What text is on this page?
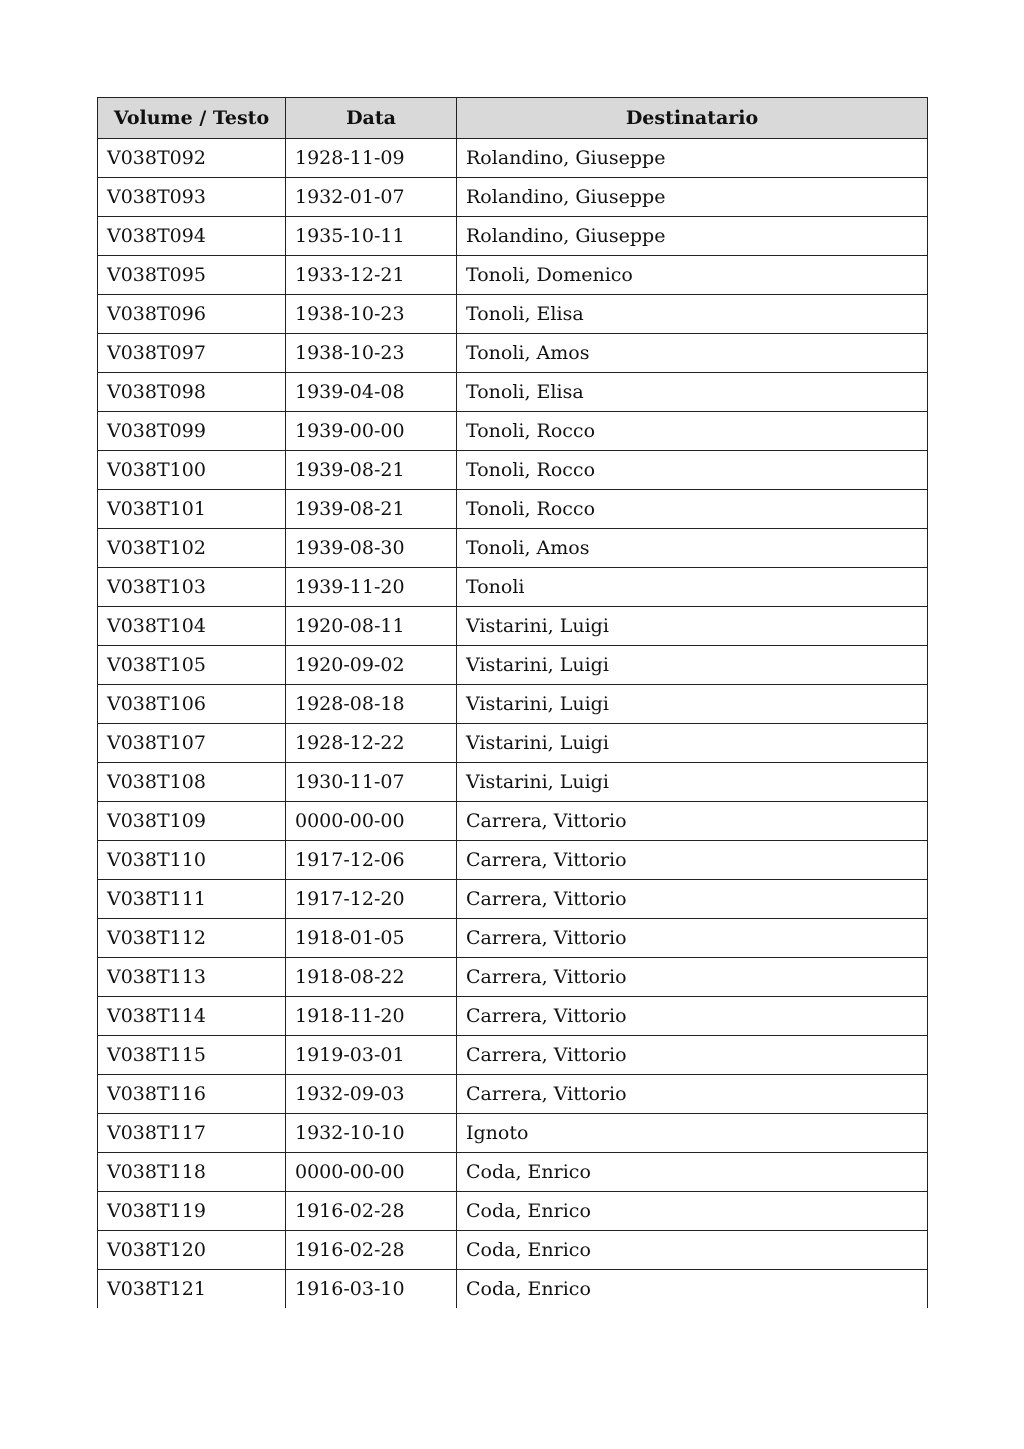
Volume / Testo	Data	Destinatario
V038T092	1928-11-09	Rolandino, Giuseppe
V038T093	1932-01-07	Rolandino, Giuseppe
V038T094	1935-10-11	Rolandino, Giuseppe
V038T095	1933-12-21	Tonoli, Domenico
V038T096	1938-10-23	Tonoli, Elisa
V038T097	1938-10-23	Tonoli, Amos
V038T098	1939-04-08	Tonoli, Elisa
V038T099	1939-00-00	Tonoli, Rocco
V038T100	1939-08-21	Tonoli, Rocco
V038T101	1939-08-21	Tonoli, Rocco
V038T102	1939-08-30	Tonoli, Amos
V038T103	1939-11-20	Tonoli
V038T104	1920-08-11	Vistarini, Luigi
V038T105	1920-09-02	Vistarini, Luigi
V038T106	1928-08-18	Vistarini, Luigi
V038T107	1928-12-22	Vistarini, Luigi
V038T108	1930-11-07	Vistarini, Luigi
V038T109	0000-00-00	Carrera, Vittorio
V038T110	1917-12-06	Carrera, Vittorio
V038T111	1917-12-20	Carrera, Vittorio
V038T112	1918-01-05	Carrera, Vittorio
V038T113	1918-08-22	Carrera, Vittorio
V038T114	1918-11-20	Carrera, Vittorio
V038T115	1919-03-01	Carrera, Vittorio
V038T116	1932-09-03	Carrera, Vittorio
V038T117	1932-10-10	Ignoto
V038T118	0000-00-00	Coda, Enrico
V038T119	1916-02-28	Coda, Enrico
V038T120	1916-02-28	Coda, Enrico
V038T121	1916-03-10	Coda, Enrico
